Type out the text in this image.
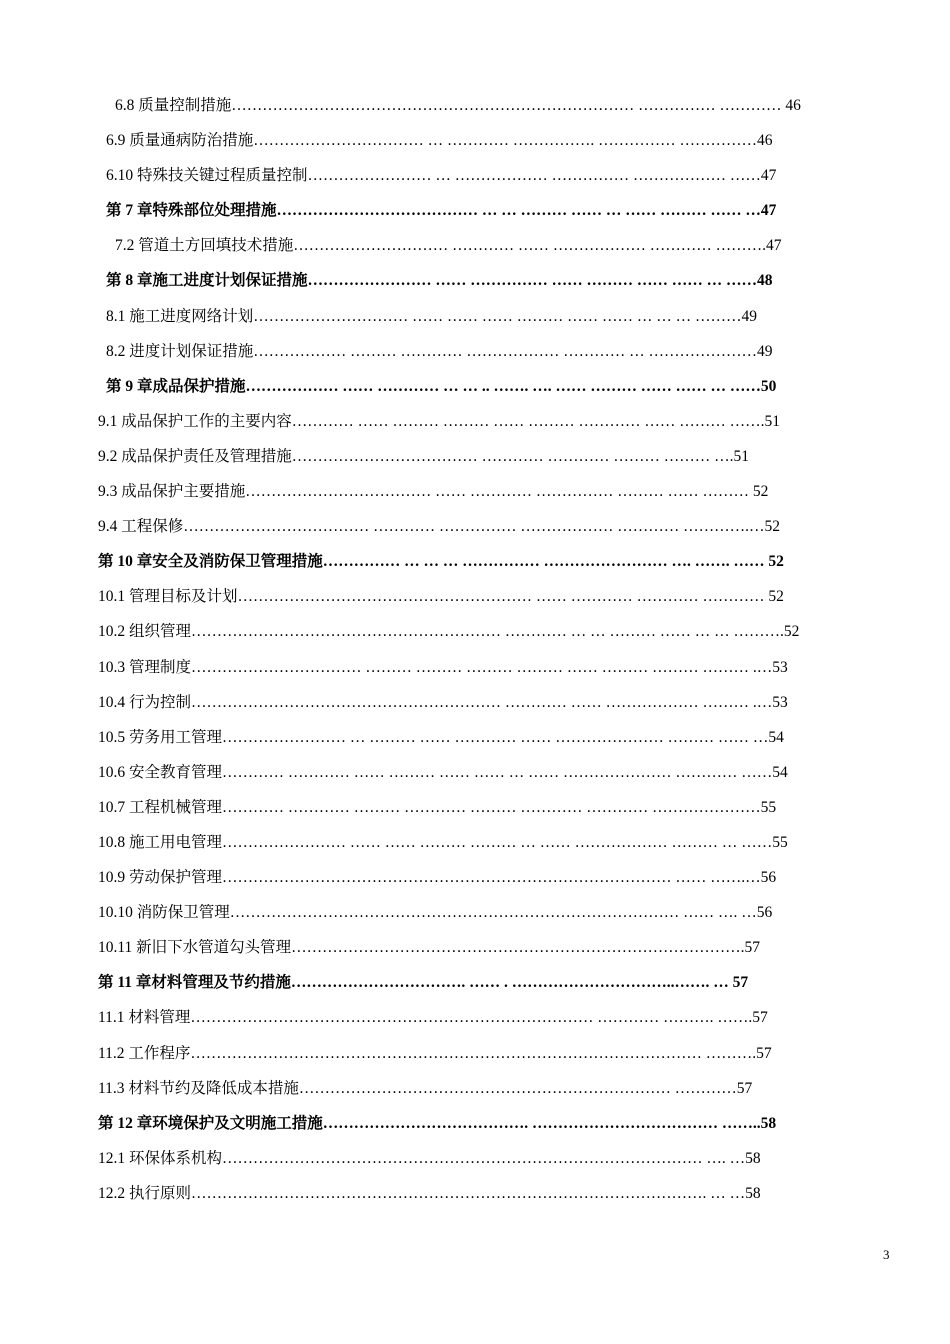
6.8 质量控制措施…………………………………………………………………… …………… ………… 46
6.9 质量通病防治措施…………………………… … ………… ……………. …………… ……………46
6.10 特殊技关键过程质量控制…………………… … ……………… …………… ……………… ……47
第 7 章特殊部位处理措施………………………………… … … ……… …… … …… ……… …… …47
7.2 管道土方回填技术措施………………………… ………… …… ……………… ………… ……….47
第 8 章施工进度计划保证措施…………………… …… …………… …… ……… …… …… … ……48
8.1 施工进度网络计划………………………… …… …… …… ……… …… …… … … … ………49
8.2 进度计划保证措施……………… ……… ………… ……………… ………… … …………………49
第 9 章成品保护措施……………… …… ………… … … .. ……. …. …… ……… …… …… … ……50
9.1 成品保护工作的主要内容………… …… ……… ……… …… ……… ………… …… ……… …….51
9.2 成品保护责任及管理措施……………………………… ………… ………… ……… ……… ….51
9.3 成品保护主要措施……………………………… …… ………… …………… ……… …… ……… 52
9.4 工程保修……………………………… ………… …………… ……………… ………… ………….…52
第 10 章安全及消防保卫管理措施…………… … … … …………… …………………… …. ……. …… 52
10.1 管理目标及计划………………………………………………… …… ………… ………… ………… 52
10.2 组织管理…………………………………………………… ………… … … ……… …… … … ……….52
10.3 管理制度…………………………… ……… ……… ……… ……… …… ……… ……… ……… .…53
10.4 行为控制…………………………………………………… ………… …… ……………… ……… .…53
10.5 劳务用工管理…………………… … ……… …… ………… …… ………………… ……… …… …54
10.6 安全教育管理………… ………… …… ……… …… …… … …… ………………… ………… ……54
10.7 工程机械管理………… ………… ……… ………… ……… ………… ………… …………………55
10.8 施工用电管理…………………… …… …… ……… ……… … …… ……………… ……… … ……55
10.9 劳动保护管理…………………………………………………………………………… …… …….…56
10.10 消防保卫管理…………………………………………………………………………… …… …. …56
10.11 新旧下水管道勾头管理…………………………………………………………………………….57
第 11 章材料管理及节约措施……………………………. …… . …………………………..……. … 57
11.1 材料管理…………………………………………………………………… ………… ………. …….57
11.2 工作程序……………………………………………………………………………………… ……….57
11.3 材料节约及降低成本措施……………………………………………………………… …………57
第 12 章环境保护及文明施工措施…………………………………. ……………………………… ……..58
12.1 环保体系机构………………………………………………………………………………… …. …58
12.2 执行原则………………………………………………………………………………………. … …58
3
